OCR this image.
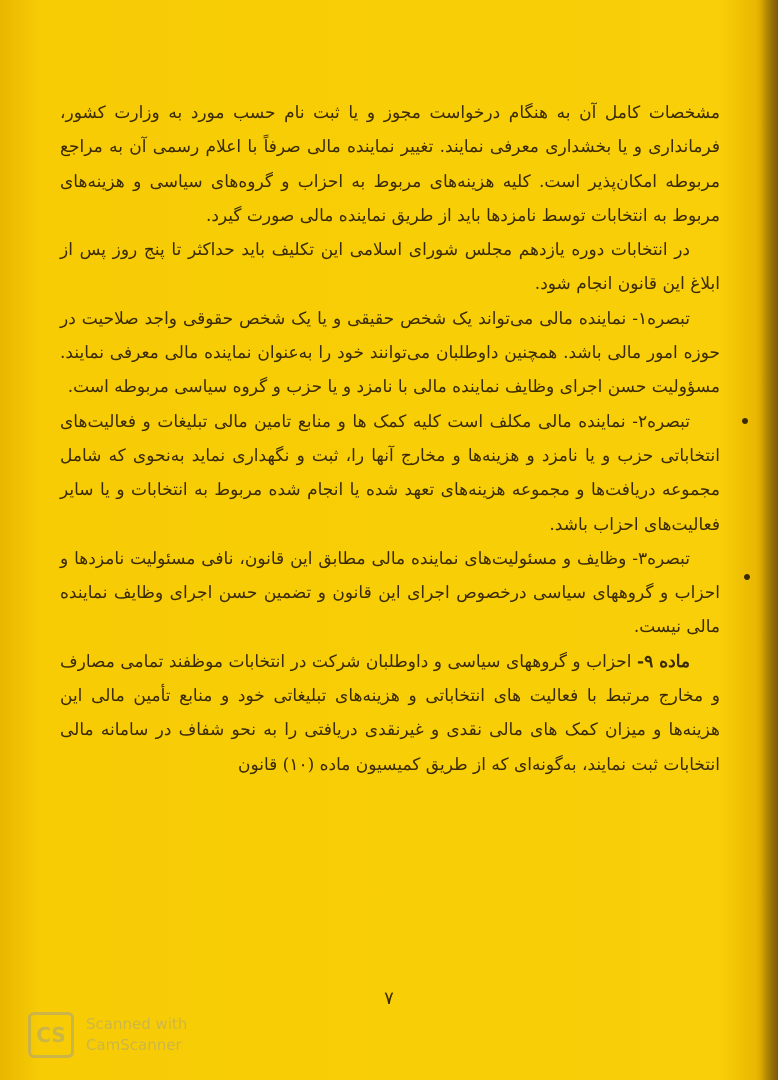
مشخصات کامل آن به هنگام درخواست مجوز و یا ثبت نام حسب مورد به وزارت کشور، فرمانداری و یا بخشداری معرفی نمایند. تغییر نماینده مالی صرفاً با اعلام رسمی آن به مراجع مربوطه امکان‌پذیر است. کلیه هزینه‌های مربوط به احزاب و گروه‌های سیاسی و هزینه‌های مربوط به انتخابات توسط نامزدها باید از طریق نماینده مالی صورت گیرد.

در انتخابات دوره یازدهم مجلس شورای اسلامی این تکلیف باید حداکثر تا پنج روز پس از ابلاغ این قانون انجام شود.

تبصره۱- نماینده مالی می‌تواند یک شخص حقیقی و یا یک شخص حقوقی واجد صلاحیت در حوزه امور مالی باشد. همچنین داوطلبان می‌توانند خود را به‌عنوان نماینده مالی معرفی نمایند. مسؤولیت حسن اجرای وظایف نماینده مالی با نامزد و یا حزب و گروه سیاسی مربوطه است.

تبصره۲- نماینده مالی مکلف است کلیه کمک ها و منابع تامین مالی تبلیغات و فعالیت‌های انتخاباتی حزب و یا نامزد و هزینه‌ها و مخارج آنها را، ثبت و نگهداری نماید به‌نحوی که شامل مجموعه دریافت‌ها و مجموعه هزینه‌های تعهد شده یا انجام شده مربوط به انتخابات و یا سایر فعالیت‌های احزاب باشد.

تبصره۳- وظایف و مسئولیت‌های نماینده مالی مطابق این قانون، نافی مسئولیت نامزدها و احزاب و گروههای سیاسی درخصوص اجرای این قانون و تضمین حسن اجرای وظایف نماینده مالی نیست.

ماده ۹- احزاب و گروههای سیاسی و داوطلبان شرکت در انتخابات موظفند تمامی مصارف و مخارج مرتبط با فعالیت های انتخاباتی و هزینه‌های تبلیغاتی خود و منابع تأمین مالی این هزینه‌ها و میزان کمک های مالی نقدی و غیرنقدی دریافتی را به نحو شفاف در سامانه مالی انتخابات ثبت نمایند، به‌گونه‌ای که از طریق کمیسیون ماده (۱۰) قانون

۷
CS	Scanned with
CamScanner
